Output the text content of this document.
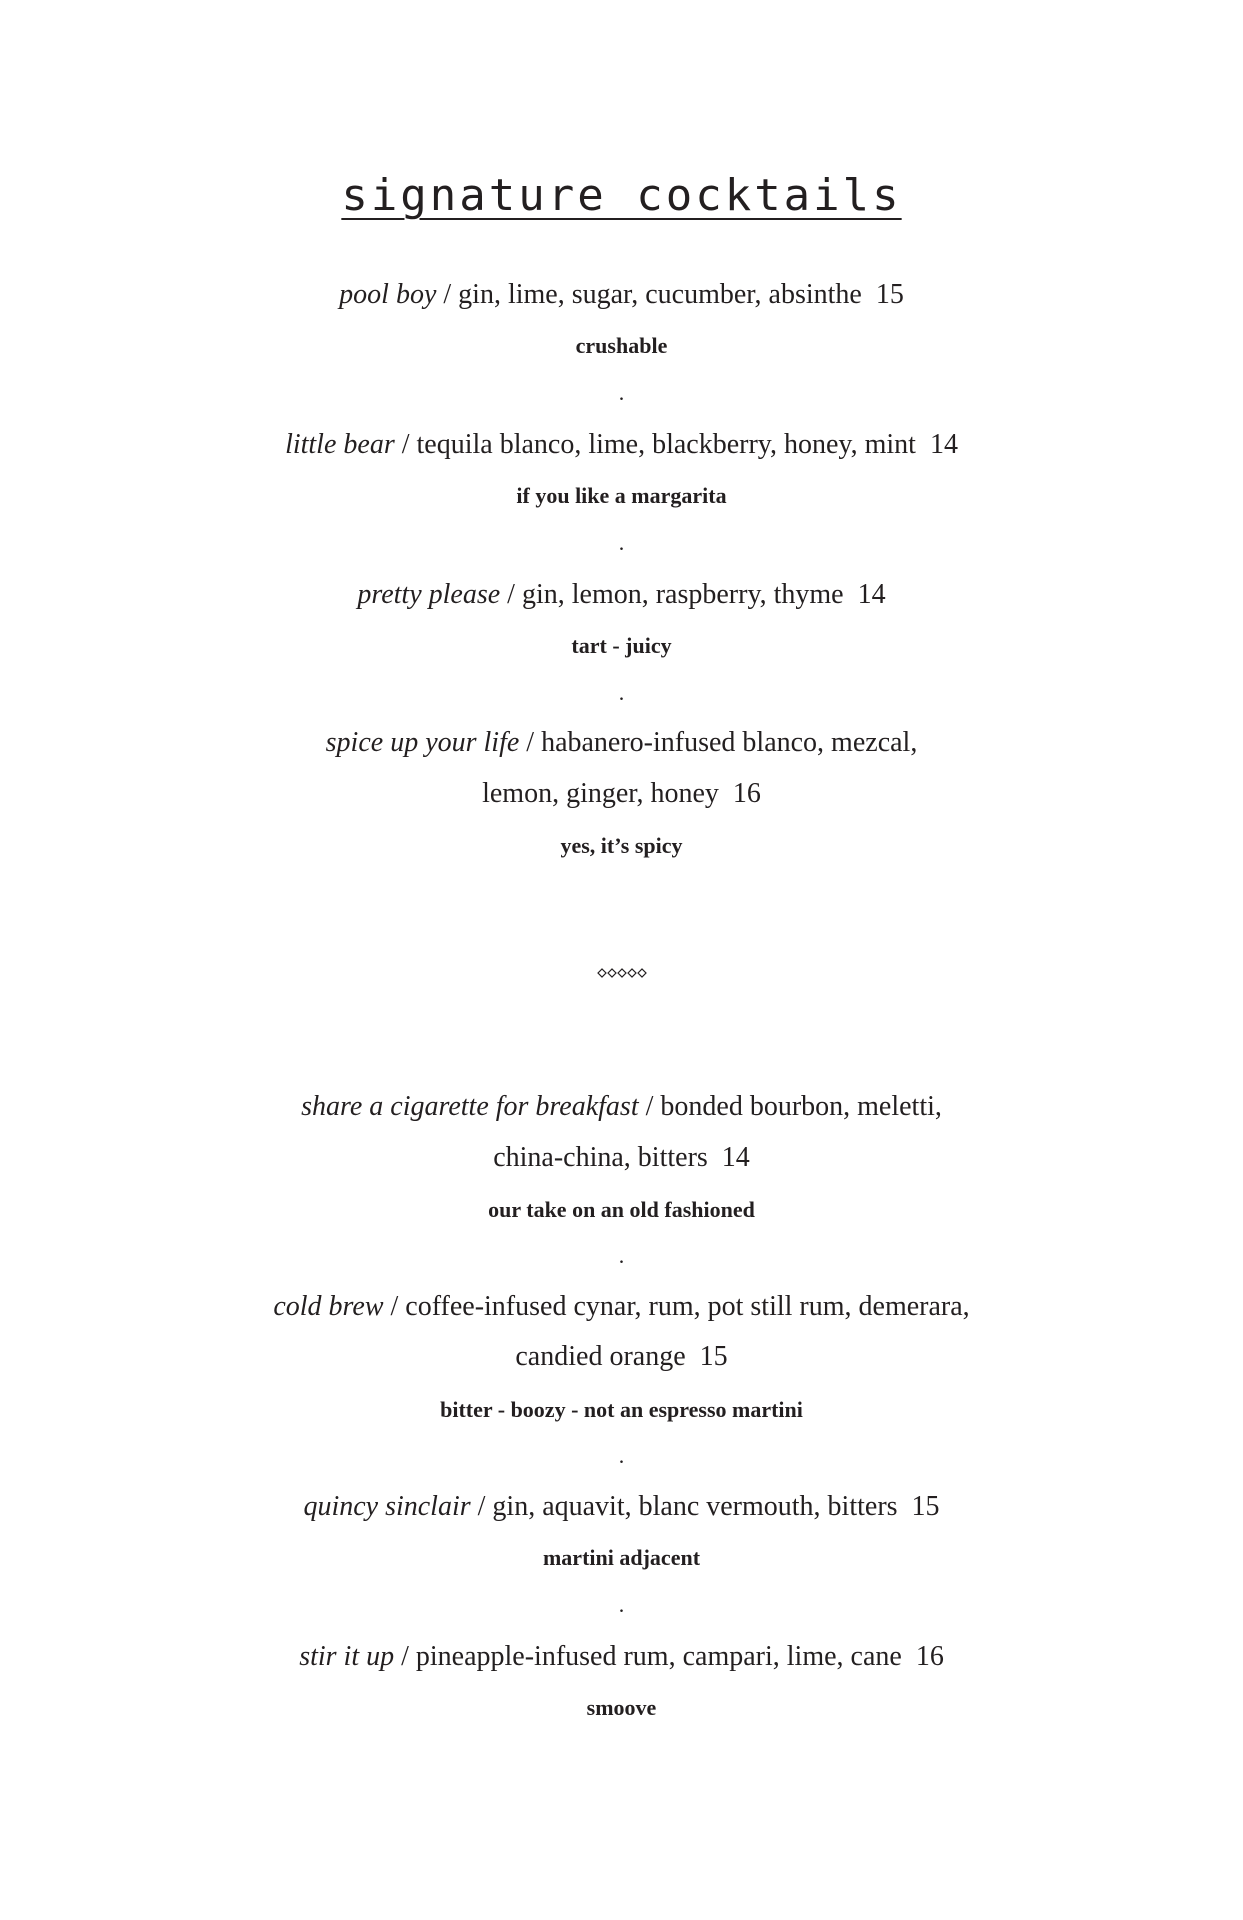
signature cocktails
pool boy / gin, lime, sugar, cucumber, absinthe 15
crushable
.
little bear / tequila blanco, lime, blackberry, honey, mint 14
if you like a margarita
.
pretty please / gin, lemon, raspberry, thyme 14
tart - juicy
.
spice up your life / habanero-infused blanco, mezcal,
lemon, ginger, honey 16
yes, it’s spicy
share a cigarette for breakfast / bonded bourbon, meletti,
china-china, bitters 14
our take on an old fashioned
.
cold brew / coffee-infused cynar, rum, pot still rum, demerara,
candied orange 15
bitter - boozy - not an espresso martini
.
quincy sinclair / gin, aquavit, blanc vermouth, bitters 15
martini adjacent
.
stir it up / pineapple-infused rum, campari, lime, cane 16
smoove
